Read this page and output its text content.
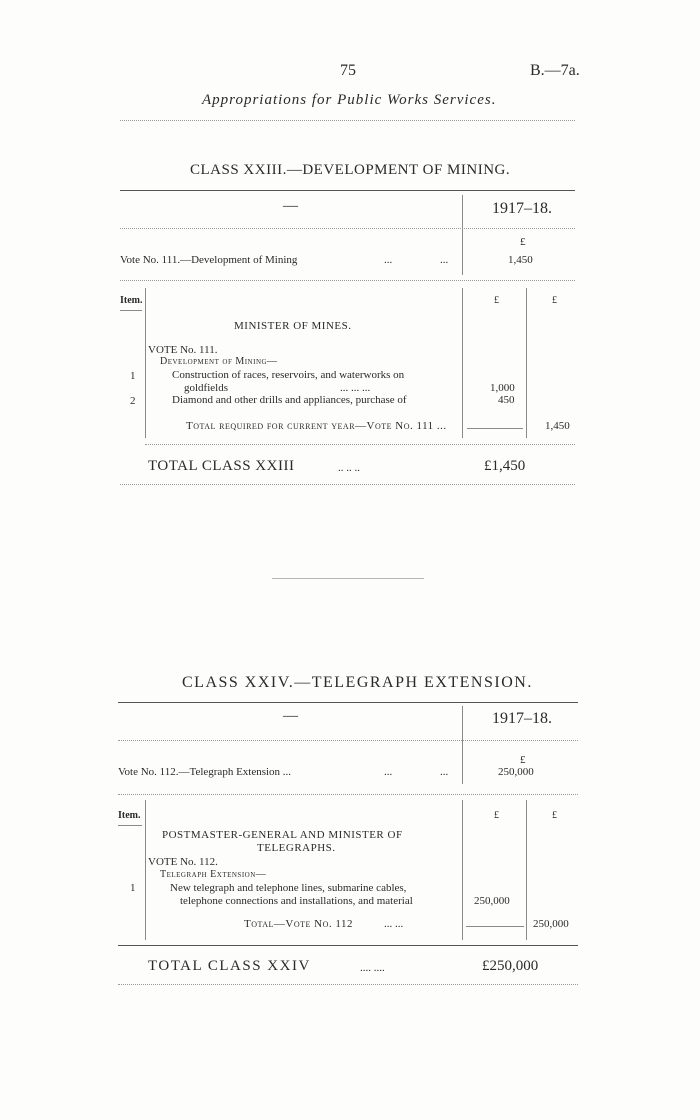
75	B.—7a.
Appropriations for Public Works Services.
CLASS XXIII.—DEVELOPMENT OF MINING.
—	1917–18.
£
Vote No. 111.—Development of Mining	...	...	1,450
Item.	£	£
MINISTER OF MINES.
VOTE No. 111.
Development of Mining—
1	Construction of races, reservoirs, and waterworks on
goldfields	... ... ...	1,000
2	Diamond and other drills and appliances, purchase of	450
Total required for current year—Vote No. 111 ...	1,450
TOTAL CLASS XXIII	.. .. ..	£1,450
CLASS XXIV.—TELEGRAPH EXTENSION.
—	1917–18.
£
Vote No. 112.—Telegraph Extension ...	...	...	250,000
Item.	£	£
POSTMASTER-GENERAL AND MINISTER OF
TELEGRAPHS.
VOTE No. 112.
Telegraph Extension—
1	New telegraph and telephone lines, submarine cables,
telephone connections and installations, and material	250,000
Total—Vote No. 112	... ...	250,000
TOTAL CLASS XXIV	.... ....	£250,000
